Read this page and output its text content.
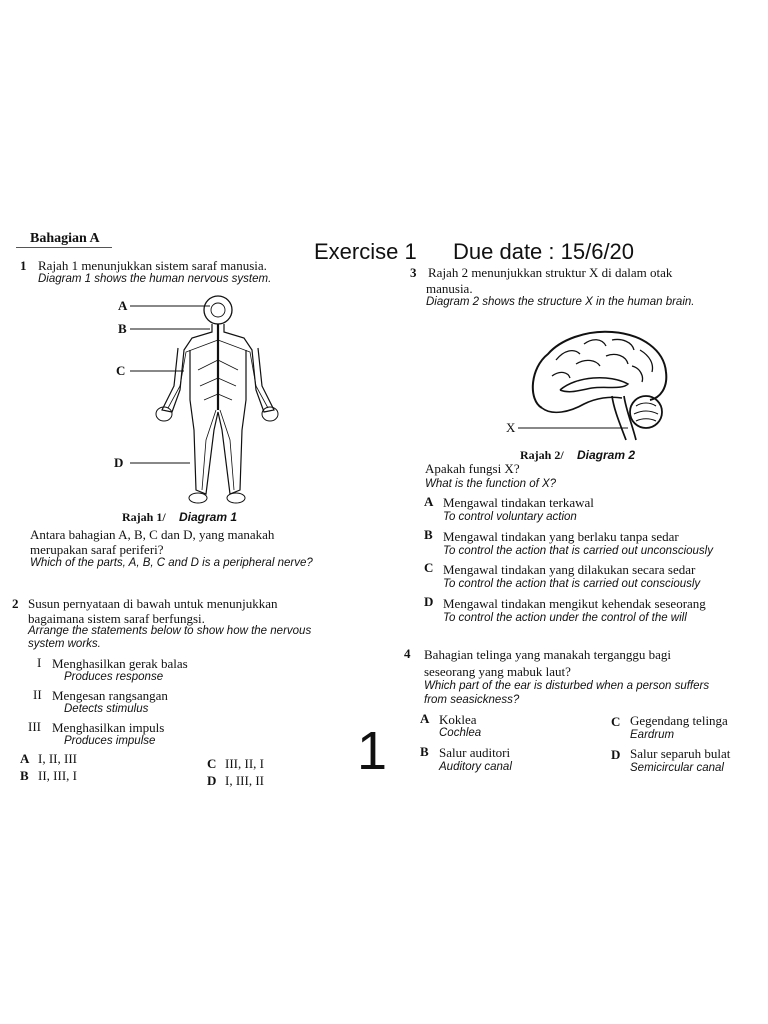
Bahagian A
Exercise 1 Due date : 15/6/20
1 Rajah 1 menunjukkan sistem saraf manusia.
Diagram 1 shows the human nervous system.
A
B
C
D
Rajah 1/ Diagram 1
Antara bahagian A, B, C dan D, yang manakah
merupakan saraf periferi?
Which of the parts, A, B, C and D is a peripheral nerve?
2 Susun pernyataan di bawah untuk menunjukkan
bagaimana sistem saraf berfungsi.
Arrange the statements below to show how the nervous
system works.
I Menghasilkan gerak balas
Produces response
II Mengesan rangsangan
Detects stimulus
III Menghasilkan impuls
Produces impulse
A I, II, III
B II, III, I
C III, II, I
D I, III, II 1
3 Rajah 2 menunjukkan struktur X di dalam otak
manusia.
Diagram 2 shows the structure X in the human brain.
X
Rajah 2/ Diagram 2
Apakah fungsi X?
What is the function of X?
A Mengawal tindakan terkawal
To control voluntary action
B Mengawal tindakan yang berlaku tanpa sedar
To control the action that is carried out unconsciously
C Mengawal tindakan yang dilakukan secara sedar
To control the action that is carried out consciously
D Mengawal tindakan mengikut kehendak seseorang
To control the action under the control of the will
4 Bahagian telinga yang manakah terganggu bagi
seseorang yang mabuk laut?
Which part of the ear is disturbed when a person suffers
from seasickness?
A Koklea
Cochlea
B Salur auditori
Auditory canal
C Gegendang telinga
Eardrum
D Salur separuh bulat
Semicircular canal
